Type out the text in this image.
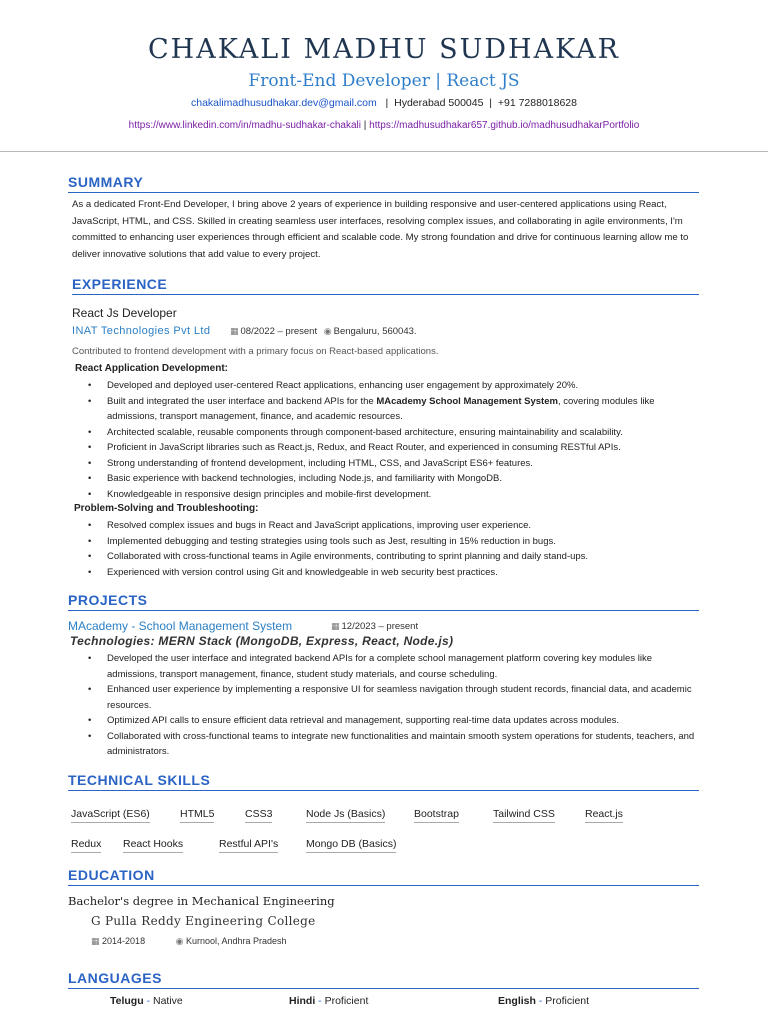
CHAKALI MADHU SUDHAKAR
Front-End Developer | React JS
chakalimadhusudhakar.dev@gmail.com | Hyderabad 500045 | +91 7288018628
https://www.linkedin.com/in/madhu-sudhakar-chakali | https://madhusudhakar657.github.io/madhusudhakarPortfolio
SUMMARY
As a dedicated Front-End Developer, I bring above 2 years of experience in building responsive and user-centered applications using React, JavaScript, HTML, and CSS. Skilled in creating seamless user interfaces, resolving complex issues, and collaborating in agile environments, I'm committed to enhancing user experiences through efficient and scalable code. My strong foundation and drive for continuous learning allow me to deliver innovative solutions that add value to every project.
EXPERIENCE
React Js Developer
INAT Technologies Pvt Ltd ▦ 08/2022 – present ◉ Bengaluru, 560043.
Contributed to frontend development with a primary focus on React-based applications.
React Application Development:
• Developed and deployed user-centered React applications, enhancing user engagement by approximately 20%.
• Built and integrated the user interface and backend APIs for the MAcademy School Management System, covering modules like admissions, transport management, finance, and academic resources.
• Architected scalable, reusable components through component-based architecture, ensuring maintainability and scalability.
• Proficient in JavaScript libraries such as React.js, Redux, and React Router, and experienced in consuming RESTful APIs.
• Strong understanding of frontend development, including HTML, CSS, and JavaScript ES6+ features.
• Basic experience with backend technologies, including Node.js, and familiarity with MongoDB.
• Knowledgeable in responsive design principles and mobile-first development.
Problem-Solving and Troubleshooting:
• Resolved complex issues and bugs in React and JavaScript applications, improving user experience.
• Implemented debugging and testing strategies using tools such as Jest, resulting in 15% reduction in bugs.
• Collaborated with cross-functional teams in Agile environments, contributing to sprint planning and daily stand-ups.
• Experienced with version control using Git and knowledgeable in web security best practices.
PROJECTS
MAcademy - School Management System	▦ 12/2023 – present
Technologies: MERN Stack (MongoDB, Express, React, Node.js)
• Developed the user interface and integrated backend APIs for a complete school management platform covering key modules like admissions, transport management, finance, student study materials, and course scheduling.
• Enhanced user experience by implementing a responsive UI for seamless navigation through student records, financial data, and academic resources.
• Optimized API calls to ensure efficient data retrieval and management, supporting real-time data updates across modules.
• Collaborated with cross-functional teams to integrate new functionalities and maintain smooth system operations for students, teachers, and administrators.
TECHNICAL SKILLS
JavaScript (ES6)	HTML5	CSS3	Node Js (Basics)	Bootstrap	Tailwind CSS	React.js
Redux React Hooks	Restful API's	Mongo DB (Basics)
EDUCATION
Bachelor's degree in Mechanical Engineering
G Pulla Reddy Engineering College
▦ 2014-2018	◉ Kurnool, Andhra Pradesh
LANGUAGES
Telugu - Native	Hindi - Proficient	English - Proficient
